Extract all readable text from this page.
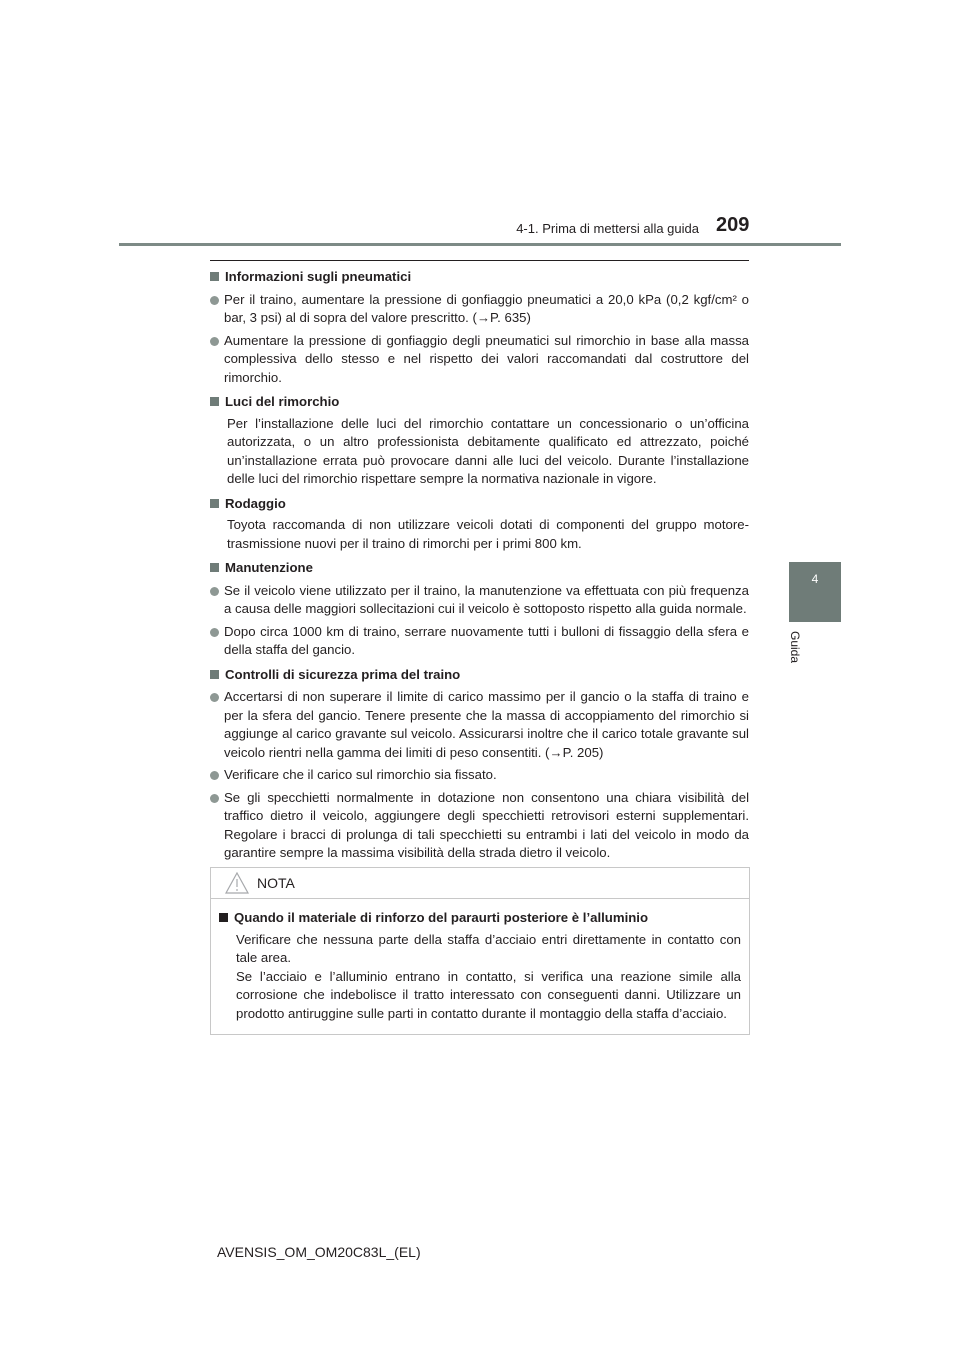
4-1. Prima di mettersi alla guida 209
4
Guida
Informazioni sugli pneumatici
Per il traino, aumentare la pressione di gonfiaggio pneumatici a 20,0 kPa (0,2 kgf/cm² o bar, 3 psi) al di sopra del valore prescritto. (→P. 635)
Aumentare la pressione di gonfiaggio degli pneumatici sul rimorchio in base alla massa complessiva dello stesso e nel rispetto dei valori raccomandati dal costruttore del rimorchio.
Luci del rimorchio
Per l’installazione delle luci del rimorchio contattare un concessionario o un’officina autorizzata, o un altro professionista debitamente qualificato ed attrezzato, poiché un’installazione errata può provocare danni alle luci del veicolo. Durante l’installazione delle luci del rimorchio rispettare sempre la normativa nazionale in vigore.
Rodaggio
Toyota raccomanda di non utilizzare veicoli dotati di componenti del gruppo motore-trasmissione nuovi per il traino di rimorchi per i primi 800 km.
Manutenzione
Se il veicolo viene utilizzato per il traino, la manutenzione va effettuata con più frequenza a causa delle maggiori sollecitazioni cui il veicolo è sottoposto rispetto alla guida normale.
Dopo circa 1000 km di traino, serrare nuovamente tutti i bulloni di fissaggio della sfera e della staffa del gancio.
Controlli di sicurezza prima del traino
Accertarsi di non superare il limite di carico massimo per il gancio o la staffa di traino e per la sfera del gancio. Tenere presente che la massa di accoppiamento del rimorchio si aggiunge al carico gravante sul veicolo. Assicurarsi inoltre che il carico totale gravante sul veicolo rientri nella gamma dei limiti di peso consentiti. (→P. 205)
Verificare che il carico sul rimorchio sia fissato.
Se gli specchietti normalmente in dotazione non consentono una chiara visibilità del traffico dietro il veicolo, aggiungere degli specchietti retrovisori esterni supplementari. Regolare i bracci di prolunga di tali specchietti su entrambi i lati del veicolo in modo da garantire sempre la massima visibilità della strada dietro il veicolo.
NOTA
Quando il materiale di rinforzo del paraurti posteriore è l’alluminio
Verificare che nessuna parte della staffa d’acciaio entri direttamente in contatto con tale area.
Se l’acciaio e l’alluminio entrano in contatto, si verifica una reazione simile alla corrosione che indebolisce il tratto interessato con conseguenti danni. Utilizzare un prodotto antiruggine sulle parti in contatto durante il montaggio della staffa d’acciaio.
AVENSIS_OM_OM20C83L_(EL)
